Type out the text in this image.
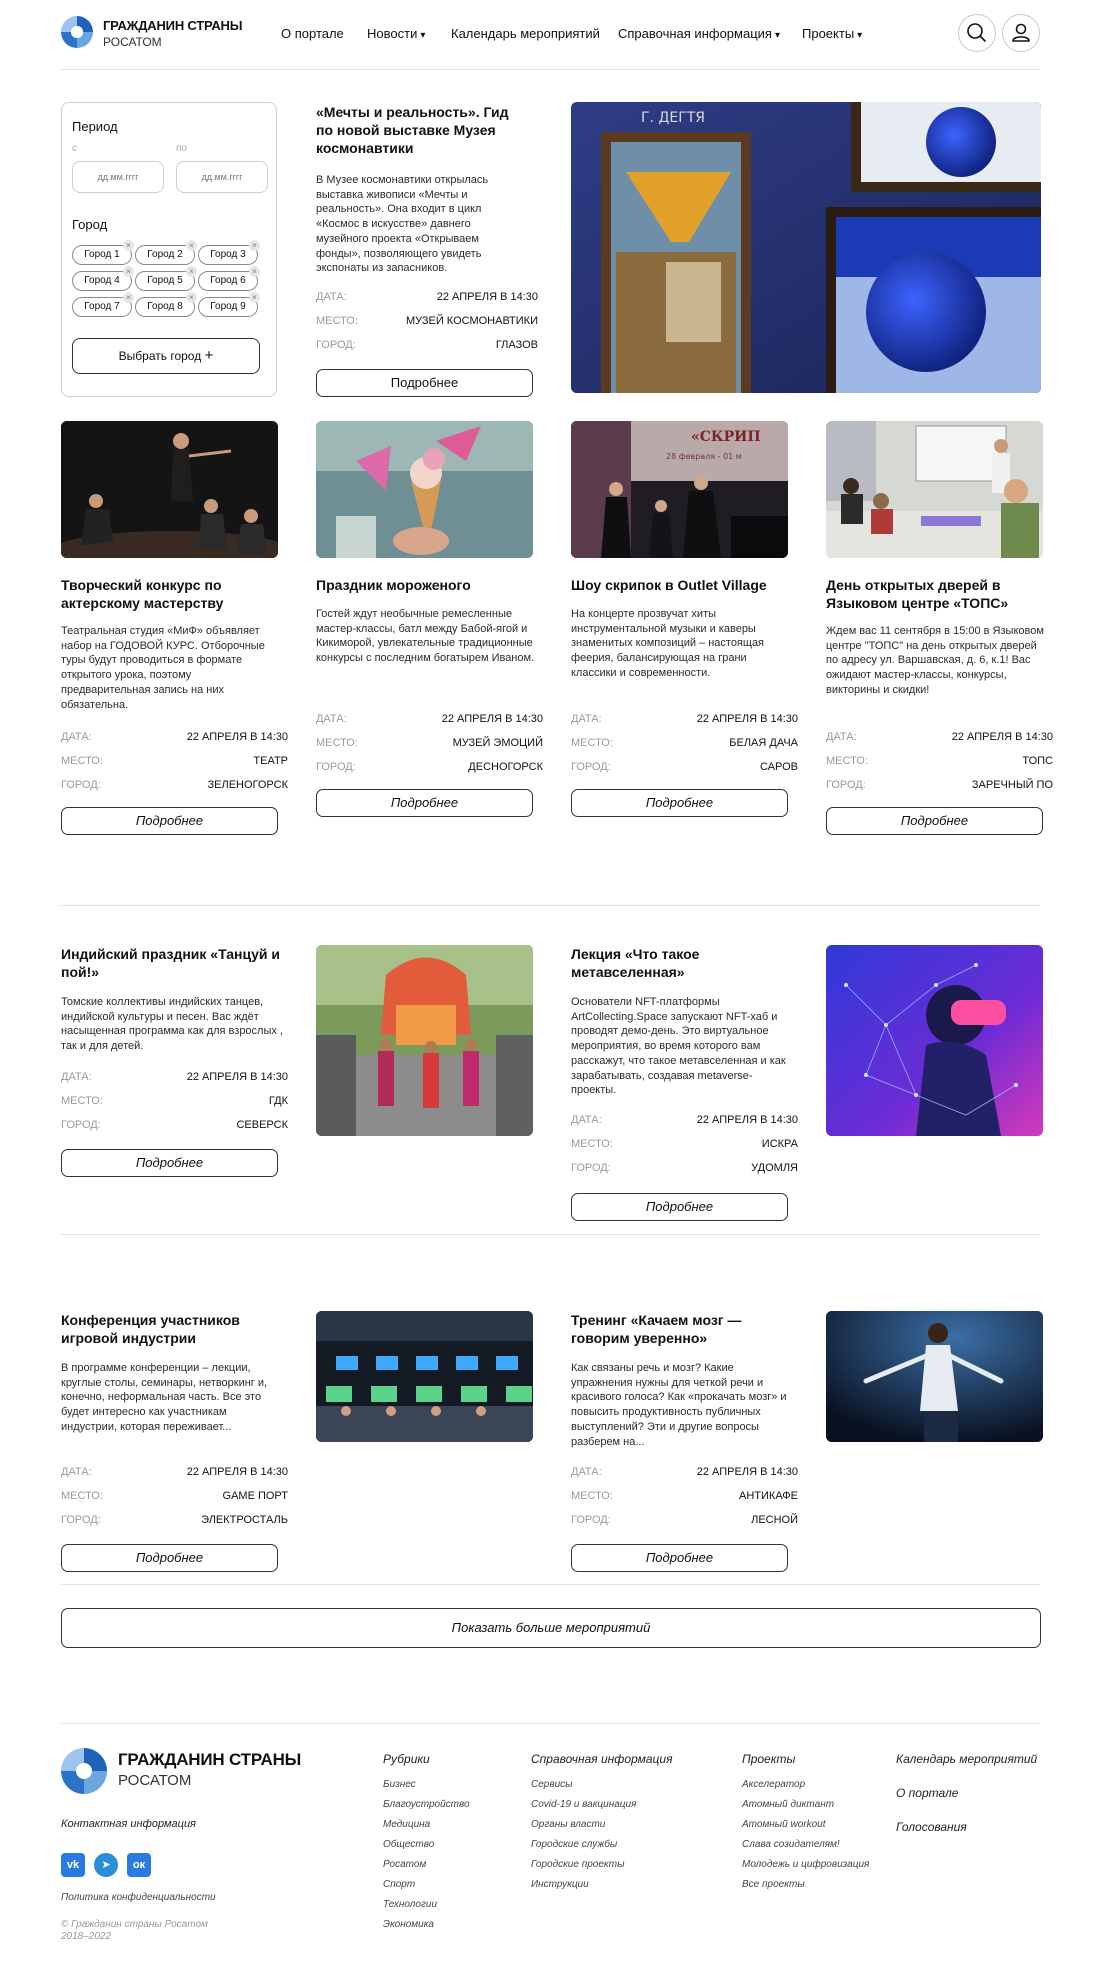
ГРАЖДАНИН СТРАНЫ
РОСАТОМ
О портале Новости ▾ Календарь мероприятий Справочная информация ▾ Проекты ▾
Период
с	по
дд.мм.гггг
дд.мм.гггг
Город
Город 1
×
Город 2
×
Город 3
×
Город 4
×
Город 5
×
Город 6
×
Город 7
×
Город 8
×
Город 9
×
Выбрать город +
«Мечты и реальность». Гид по новой выставке Музея космонавтики
В Музее космонавтики открылась выставка живописи «Мечты и реальность». Она входит в цикл «Космос в искусстве» давнего музейного проекта «Открываем фонды», позволяющего увидеть экспонаты из запасников.
ДАТА:	22 АПРЕЛЯ В 14:30
МЕСТО:	МУЗЕЙ КОСМОНАВТИКИ
ГОРОД:	ГЛАЗОВ
Подробнее
Г. ДЕГТЯ
Творческий конкурс по актерскому мастерству
Театральная студия «МиФ» объявляет набор на ГОДОВОЙ КУРС. Отборочные туры будут проводиться в формате открытого урока, поэтому предварительная запись на них обязательна.
ДАТА:	22 АПРЕЛЯ В 14:30
МЕСТО:	ТЕАТР
ГОРОД:	ЗЕЛЕНОГОРСК
Подробнее
Праздник мороженого
Гостей ждут необычные ремесленные мастер-классы, батл между Бабой-ягой и Кикиморой, увлекательные традиционные конкурсы с последним богатырем Иваном.
ДАТА:	22 АПРЕЛЯ В 14:30
МЕСТО:	МУЗЕЙ ЭМОЦИЙ
ГОРОД:	ДЕСНОГОРСК
Подробнее
«СКРИП
28 февраля - 01 м
Шоу скрипок в Outlet Village
На концерте прозвучат хиты инструментальной музыки и каверы знаменитых композиций – настоящая феерия, балансирующая на грани классики и современности.
ДАТА:	22 АПРЕЛЯ В 14:30
МЕСТО:	БЕЛАЯ ДАЧА
ГОРОД:	САРОВ
Подробнее
День открытых дверей в Языковом центре «ТОПС»
Ждем вас 11 сентября в 15:00 в Языковом центре "ТОПС" на день открытых дверей по адресу ул. Варшавская, д. 6, к.1! Вас ожидают мастер-классы, конкурсы, викторины и скидки!
ДАТА:	22 АПРЕЛЯ В 14:30
МЕСТО:	ТОПС
ГОРОД:	ЗАРЕЧНЫЙ ПО
Подробнее
Индийский праздник «Танцуй и пой!»
Томские коллективы индийских танцев, индийской культуры и песен. Вас ждёт насыщенная программа как для взрослых , так и для детей.
ДАТА:	22 АПРЕЛЯ В 14:30
МЕСТО:	ГДК
ГОРОД:	СЕВЕРСК
Подробнее
Лекция «Что такое метавселенная»
Основатели NFT-платформы ArtCollecting.Space запускают NFT-хаб и проводят демо-день. Это виртуальное мероприятия, во время которого вам расскажут, что такое метавселенная и как зарабатывать, создавая metaverse-проекты.
ДАТА:	22 АПРЕЛЯ В 14:30
МЕСТО:	ИСКРА
ГОРОД:	УДОМЛЯ
Подробнее
Конференция участников игровой индустрии
В программе конференции – лекции, круглые столы, семинары, нетворкинг и, конечно, неформальная часть. Все это будет интересно как участникам индустрии, которая переживает...
ДАТА:	22 АПРЕЛЯ В 14:30
МЕСТО:	GAME ПОРТ
ГОРОД:	ЭЛЕКТРОСТАЛЬ
Подробнее
Тренинг «Качаем мозг — говорим уверенно»
Как связаны речь и мозг? Какие упражнения нужны для четкой речи и красивого голоса? Как «прокачать мозг» и повысить продуктивность публичных выступлений? Эти и другие вопросы разберем на...
ДАТА:	22 АПРЕЛЯ В 14:30
МЕСТО:	АНТИКАФЕ
ГОРОД:	ЛЕСНОЙ
Подробнее
Показать больше мероприятий
ГРАЖДАНИН СТРАНЫ
РОСАТОМ
Контактная информация
vk	➤	ок
Политика конфиденциальности
© Гражданин страны Росатом
2018–2022
Рубрики
Бизнес
Благоустройство
Медицина
Общество
Росатом
Спорт
Технологии
Экономика
Справочная информация
Сервисы
Covid-19 и вакцинация
Органы власти
Городские службы
Городские проекты
Инструкции
Проекты
Акселератор
Атомный диктант
Атомный workout
Слава созидателям!
Молодежь и цифровизация
Все проекты
Календарь мероприятий
О портале
Голосования
